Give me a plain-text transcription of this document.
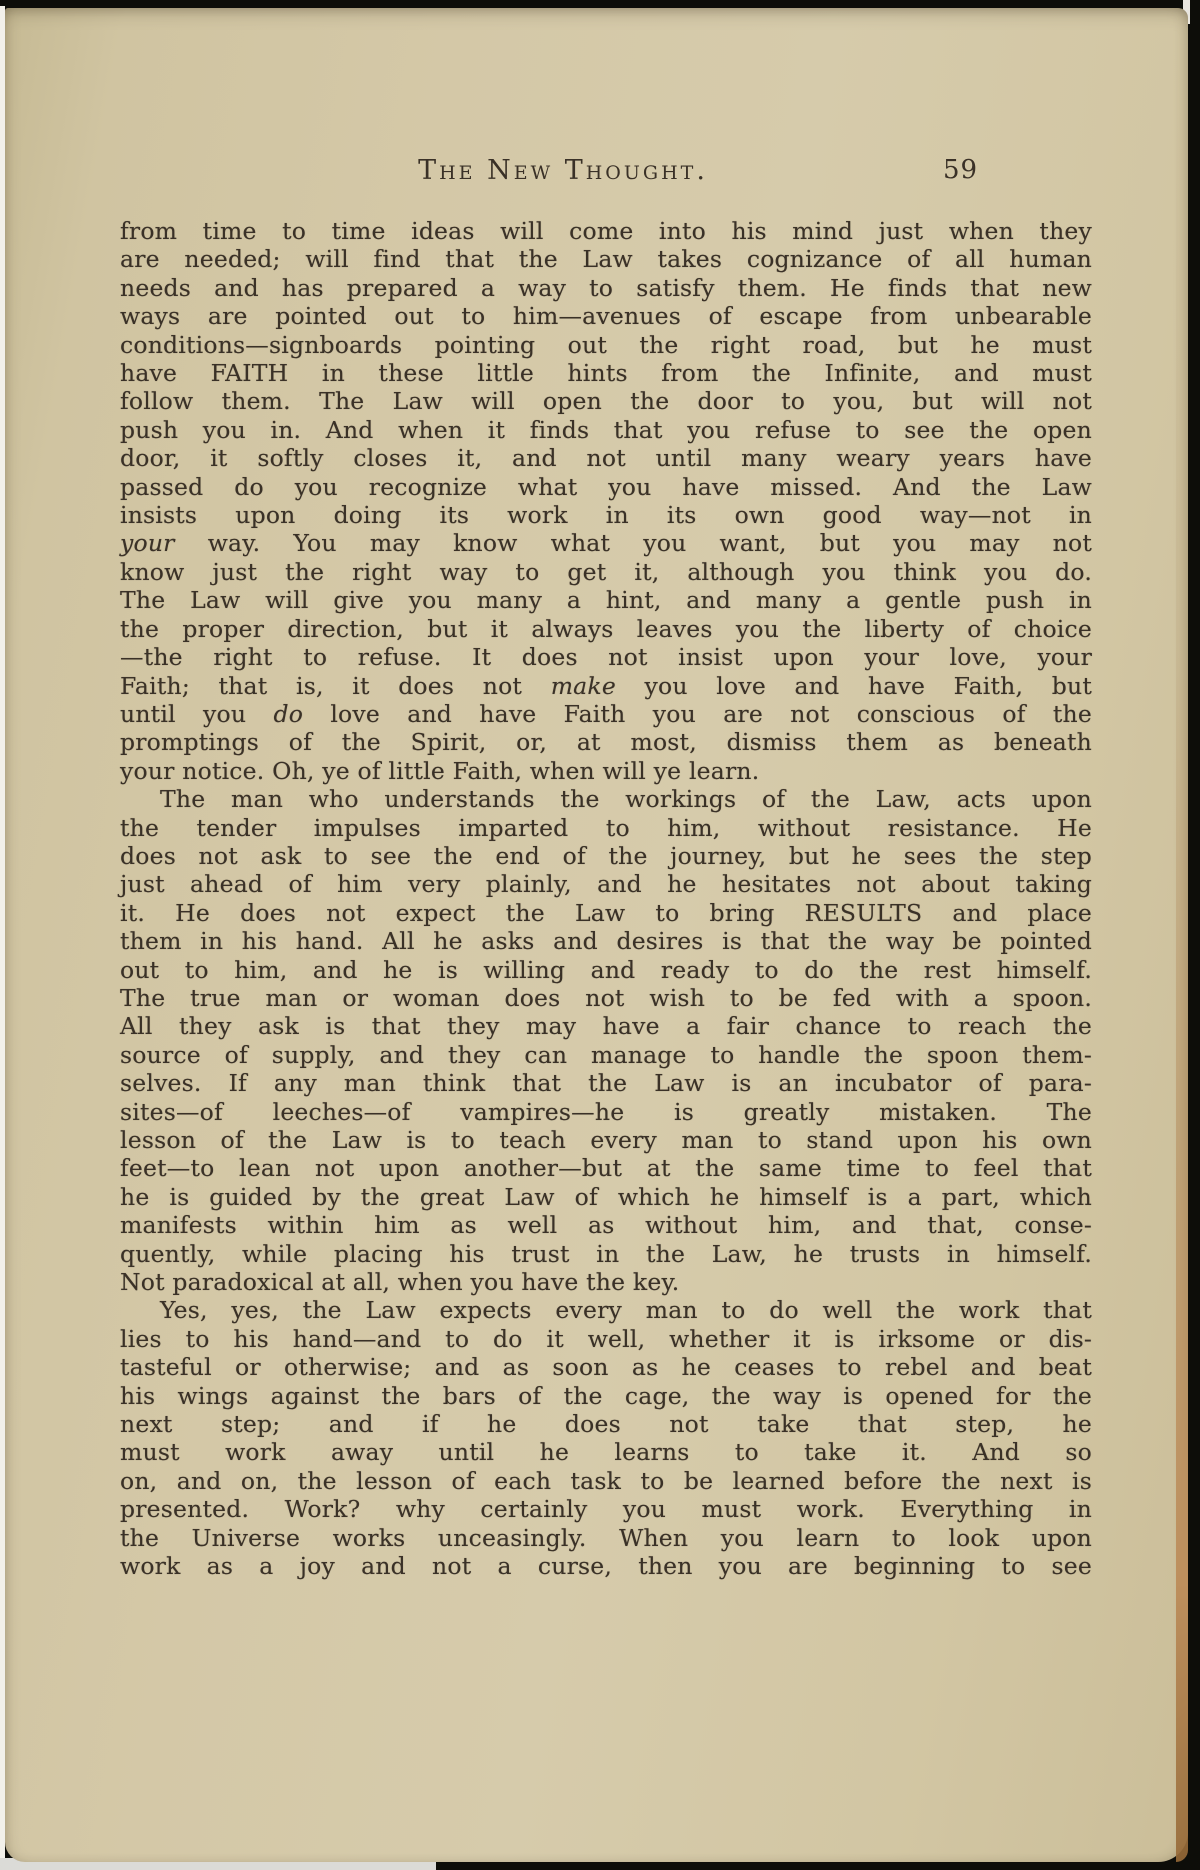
The New Thought.	59
from time to time ideas will come into his mind just when they
are needed; will find that the Law takes cognizance of all human
needs and has prepared a way to satisfy them. He finds that new
ways are pointed out to him—avenues of escape from unbearable
conditions—signboards pointing out the right road, but he must
have FAITH in these little hints from the Infinite, and must
follow them. The Law will open the door to you, but will not
push you in. And when it finds that you refuse to see the open
door, it softly closes it, and not until many weary years have
passed do you recognize what you have missed. And the Law
insists upon doing its work in its own good way—not in
your way. You may know what you want, but you may not
know just the right way to get it, although you think you do.
The Law will give you many a hint, and many a gentle push in
the proper direction, but it always leaves you the liberty of choice
—the right to refuse. It does not insist upon your love, your
Faith; that is, it does not make you love and have Faith, but
until you do love and have Faith you are not conscious of the
promptings of the Spirit, or, at most, dismiss them as beneath
your notice. Oh, ye of little Faith, when will ye learn.
The man who understands the workings of the Law, acts upon
the tender impulses imparted to him, without resistance. He
does not ask to see the end of the journey, but he sees the step
just ahead of him very plainly, and he hesitates not about taking
it. He does not expect the Law to bring RESULTS and place
them in his hand. All he asks and desires is that the way be pointed
out to him, and he is willing and ready to do the rest himself.
The true man or woman does not wish to be fed with a spoon.
All they ask is that they may have a fair chance to reach the
source of supply, and they can manage to handle the spoon them-
selves. If any man think that the Law is an incubator of para-
sites—of leeches—of vampires—he is greatly mistaken. The
lesson of the Law is to teach every man to stand upon his own
feet—to lean not upon another—but at the same time to feel that
he is guided by the great Law of which he himself is a part, which
manifests within him as well as without him, and that, conse-
quently, while placing his trust in the Law, he trusts in himself.
Not paradoxical at all, when you have the key.
Yes, yes, the Law expects every man to do well the work that
lies to his hand—and to do it well, whether it is irksome or dis-
tasteful or otherwise; and as soon as he ceases to rebel and beat
his wings against the bars of the cage, the way is opened for the
next step; and if he does not take that step, he
must work away until he learns to take it. And so
on, and on, the lesson of each task to be learned before the next is
presented. Work? why certainly you must work. Everything in
the Universe works unceasingly. When you learn to look upon
work as a joy and not a curse, then you are beginning to see
